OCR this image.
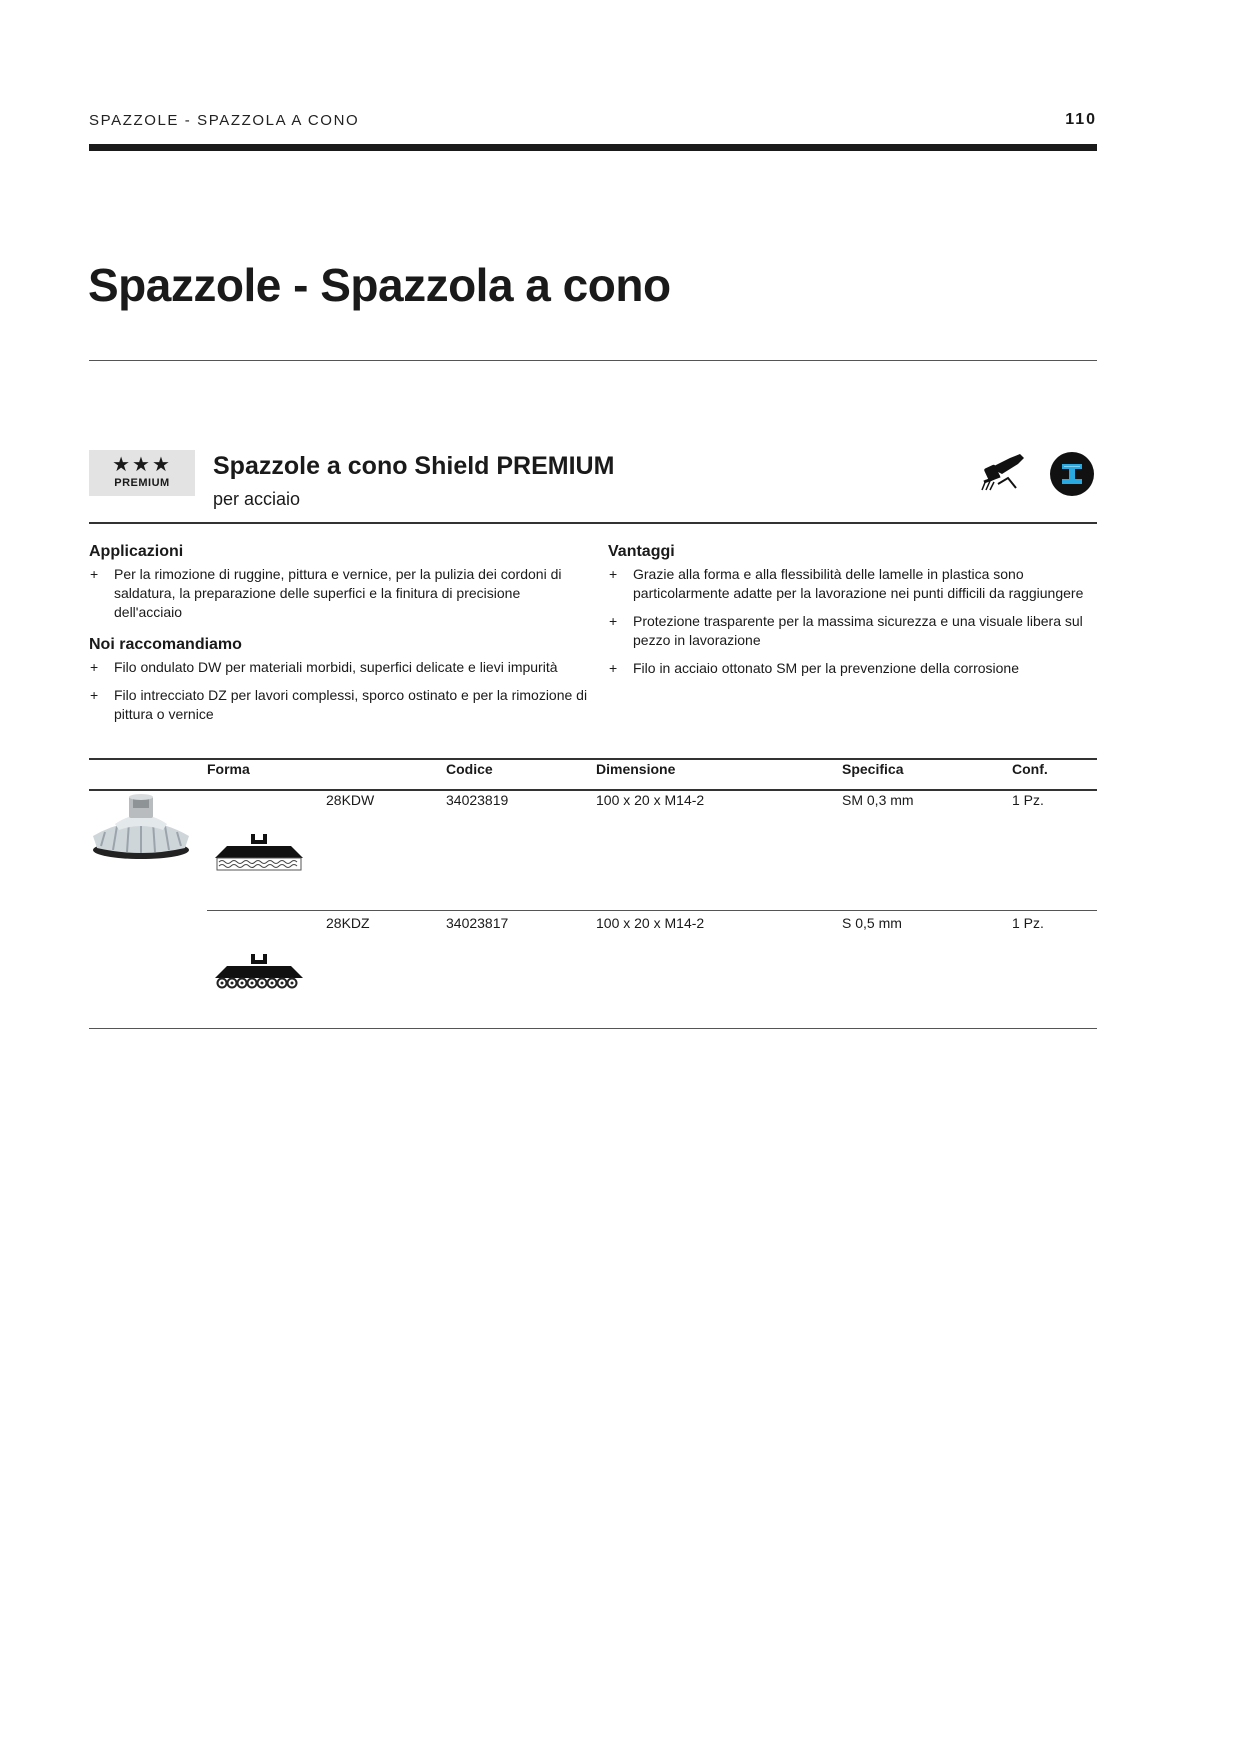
SPAZZOLE - SPAZZOLA A CONO	110
Spazzole - Spazzola a cono
★★★
PREMIUM
Spazzole a cono Shield PREMIUM
per acciaio
Applicazioni
+ Per la rimozione di ruggine, pittura e vernice, per la pulizia dei cordoni di saldatura, la preparazione delle superfici e la finitura di precisione dell'acciaio
Noi raccomandiamo
+ Filo ondulato DW per materiali morbidi, superfici delicate e lievi impurità
+ Filo intrecciato DZ per lavori complessi, sporco ostinato e per la rimozione di pittura o vernice
Vantaggi
+ Grazie alla forma e alla flessibilità delle lamelle in plastica sono particolarmente adatte per la lavorazione nei punti difficili da raggiungere
+ Protezione trasparente per la massima sicurezza e una visuale libera sul pezzo in lavorazione
+ Filo in acciaio ottonato SM per la prevenzione della corrosione
Forma	Codice	Dimensione	Specifica	Conf.
28KDW	34023819	100 x 20 x M14-2	SM 0,3 mm	1 Pz.
28KDZ	34023817	100 x 20 x M14-2	S 0,5 mm	1 Pz.
